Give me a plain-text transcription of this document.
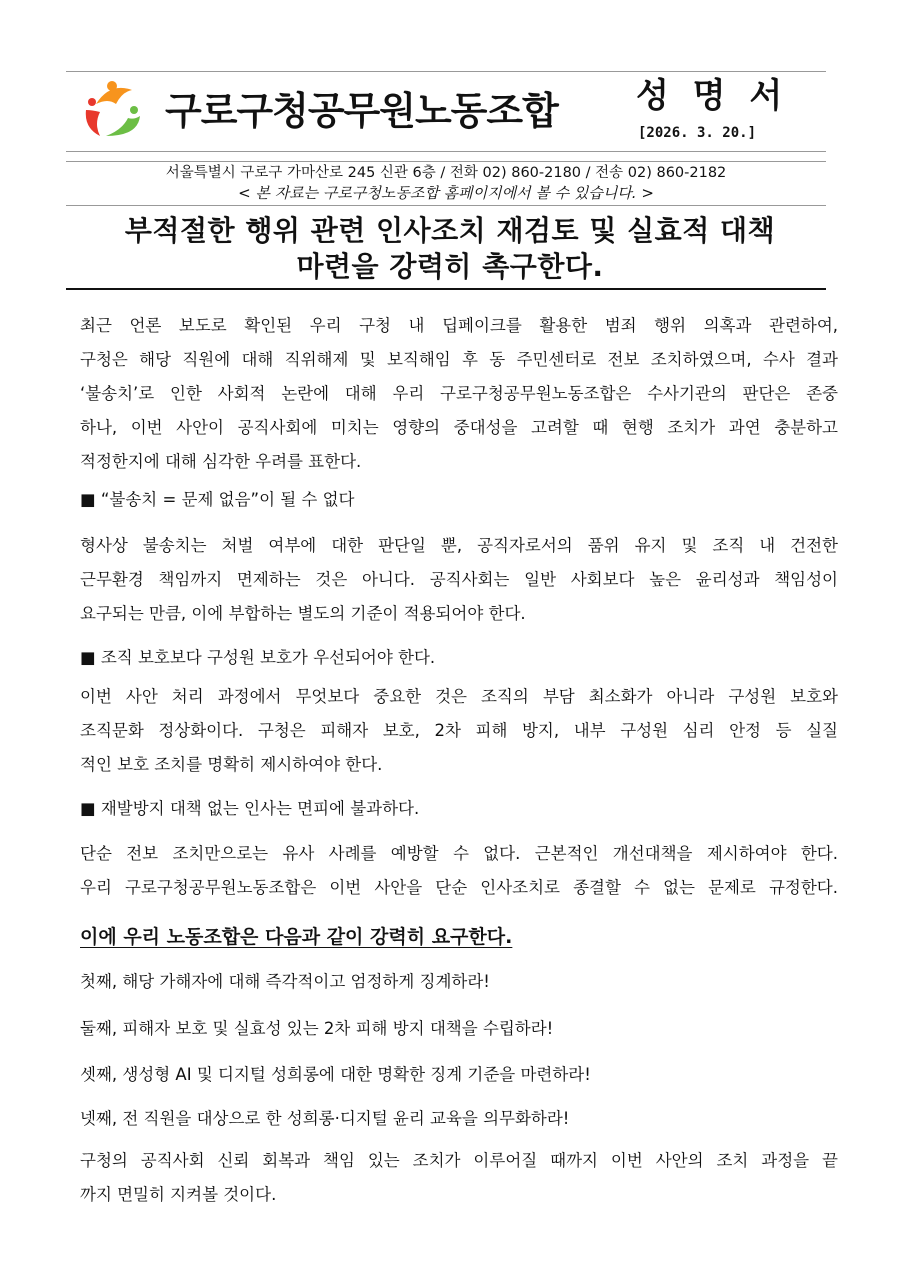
구로구청공무원노동조합 성 명 서
[2026. 3. 20.]
서울특별시 구로구 가마산로 245 신관 6층 / 전화 02) 860-2180 / 전송 02) 860-2182
< 본 자료는 구로구청노동조합 홈페이지에서 볼 수 있습니다. >
부적절한 행위 관련 인사조치 재검토 및 실효적 대책
마련을 강력히 촉구한다.
최근 언론 보도로 확인된 우리 구청 내 딥페이크를 활용한 범죄 행위 의혹과 관련하여,
구청은 해당 직원에 대해 직위해제 및 보직해임 후 동 주민센터로 전보 조치하였으며, 수사 결과
‘불송치’로 인한 사회적 논란에 대해 우리 구로구청공무원노동조합은 수사기관의 판단은 존중
하나, 이번 사안이 공직사회에 미치는 영향의 중대성을 고려할 때 현행 조치가 과연 충분하고
적정한지에 대해 심각한 우려를 표한다.
■ “불송치 = 문제 없음”이 될 수 없다
형사상 불송치는 처벌 여부에 대한 판단일 뿐, 공직자로서의 품위 유지 및 조직 내 건전한
근무환경 책임까지 면제하는 것은 아니다. 공직사회는 일반 사회보다 높은 윤리성과 책임성이
요구되는 만큼, 이에 부합하는 별도의 기준이 적용되어야 한다.
■ 조직 보호보다 구성원 보호가 우선되어야 한다.
이번 사안 처리 과정에서 무엇보다 중요한 것은 조직의 부담 최소화가 아니라 구성원 보호와
조직문화 정상화이다. 구청은 피해자 보호, 2차 피해 방지, 내부 구성원 심리 안정 등 실질
적인 보호 조치를 명확히 제시하여야 한다.
■ 재발방지 대책 없는 인사는 면피에 불과하다.
단순 전보 조치만으로는 유사 사례를 예방할 수 없다. 근본적인 개선대책을 제시하여야 한다.
우리 구로구청공무원노동조합은 이번 사안을 단순 인사조치로 종결할 수 없는 문제로 규정한다.
이에 우리 노동조합은 다음과 같이 강력히 요구한다.
첫째, 해당 가해자에 대해 즉각적이고 엄정하게 징계하라!
둘째, 피해자 보호 및 실효성 있는 2차 피해 방지 대책을 수립하라!
셋째, 생성형 AI 및 디지털 성희롱에 대한 명확한 징계 기준을 마련하라!
넷째, 전 직원을 대상으로 한 성희롱·디지털 윤리 교육을 의무화하라!
구청의 공직사회 신뢰 회복과 책임 있는 조치가 이루어질 때까지 이번 사안의 조치 과정을 끝
까지 면밀히 지켜볼 것이다.
